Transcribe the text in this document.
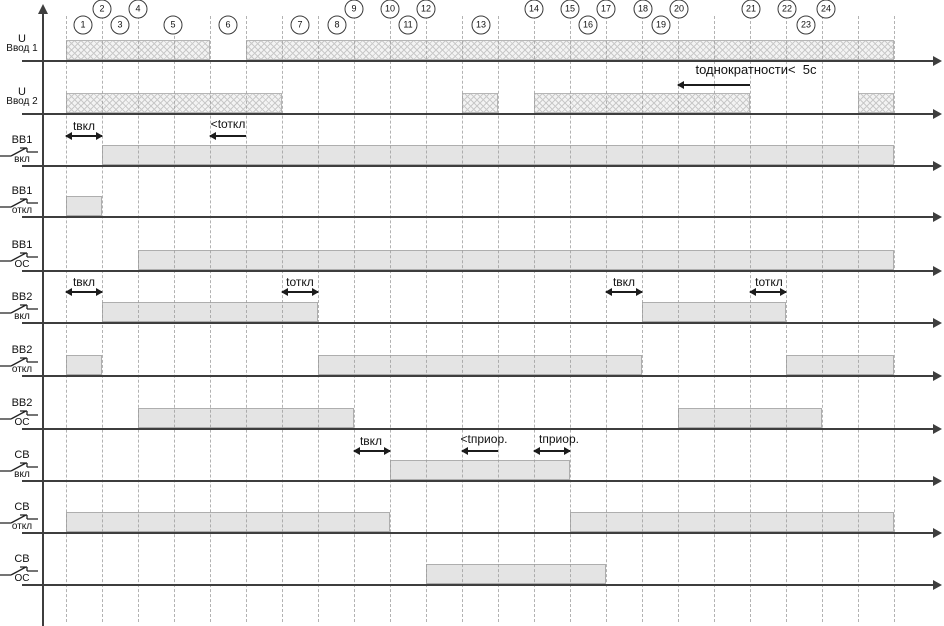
U
Ввод 1
U
Ввод 2
ВВ1
вкл
ВВ1
откл
ВВ1
ОС
ВВ2
вкл
ВВ2
откл
ВВ2
ОС
СВ
вкл
СВ
откл
СВ
ОС
tоднократности<  5с
tвкл	<tоткл
tвкл	tоткл	tвкл	tоткл
tвкл	<tприор.	tприор.
1
2
3
4
5	6	7	8
9	10
11
12
13
14	15
16
17	18
19
20	21	22
23
24
